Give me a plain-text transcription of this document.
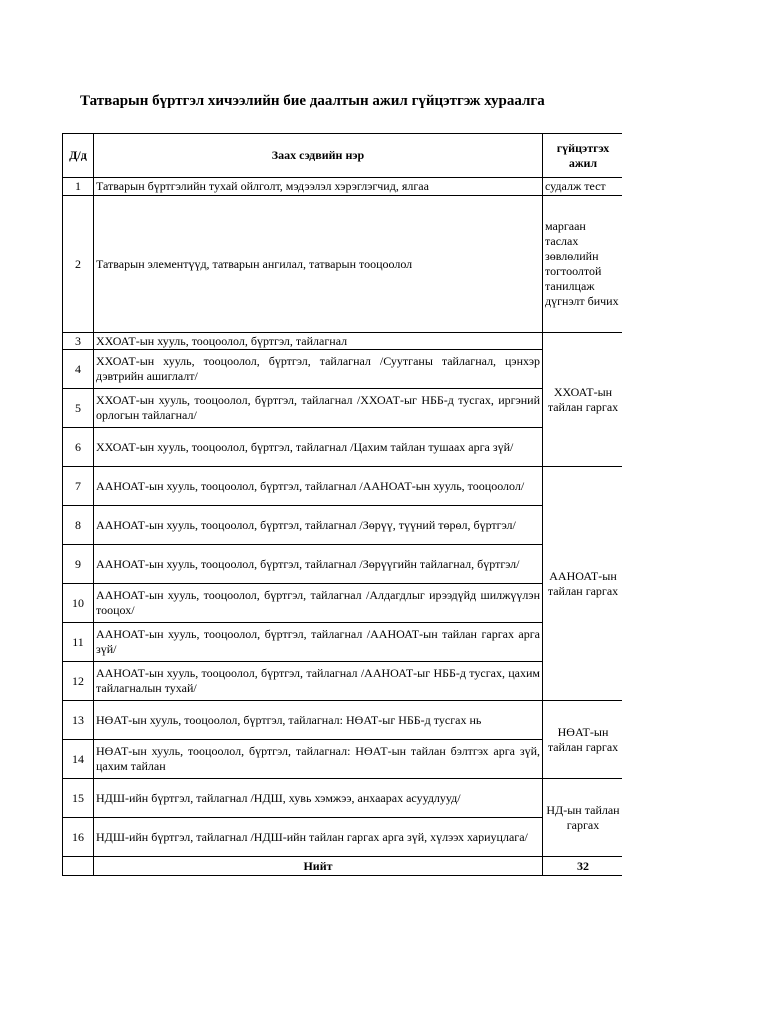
Татварын бүртгэл хичээлийн бие даалтын ажил гүйцэтгэж хураалга
Д/д	Заах сэдвийн нэр	гүйцэтгэх ажил
1	Татварын бүртгэлийн тухай ойлголт, мэдээлэл хэрэглэгчид, ялгаа	судалж тест
2	Татварын элементүүд, татварын ангилал, татварын тооцоолол	маргаан таслах зөвлөлийн тогтоолтой танилцаж дүгнэлт бичих
3	ХХОАТ-ын хууль, тооцоолол, бүртгэл, тайлагнал	ХХОАТ-ын тайлан гаргах
4	ХХОАТ-ын хууль, тооцоолол, бүртгэл, тайлагнал /Суутганы тайлагнал, цэнхэр дэвтрийн ашиглалт/	
5	ХХОАТ-ын хууль, тооцоолол, бүртгэл, тайлагнал /ХХОАТ-ыг НББ-д тусгах, иргэний орлогын тайлагнал/	
6	ХХОАТ-ын хууль, тооцоолол, бүртгэл, тайлагнал /Цахим тайлан тушаах арга зүй/	
7	ААНОАТ-ын хууль, тооцоолол, бүртгэл, тайлагнал /ААНОАТ-ын хууль, тооцоолол/	ААНОАТ-ын тайлан гаргах
8	ААНОАТ-ын хууль, тооцоолол, бүртгэл, тайлагнал /Зөрүү, түүний төрөл, бүртгэл/	
9	ААНОАТ-ын хууль, тооцоолол, бүртгэл, тайлагнал /Зөрүүгийн тайлагнал, бүртгэл/	
10	ААНОАТ-ын хууль, тооцоолол, бүртгэл, тайлагнал /Алдагдлыг ирээдүйд шилжүүлэн тооцох/	
11	ААНОАТ-ын хууль, тооцоолол, бүртгэл, тайлагнал /ААНОАТ-ын тайлан гаргах арга зүй/	
12	ААНОАТ-ын хууль, тооцоолол, бүртгэл, тайлагнал /ААНОАТ-ыг НББ-д тусгах, цахим тайлагналын тухай/	
13	НӨАТ-ын хууль, тооцоолол, бүртгэл, тайлагнал: НӨАТ-ыг НББ-д тусгах нь	НӨАТ-ын тайлан гаргах
14	НӨАТ-ын хууль, тооцоолол, бүртгэл, тайлагнал: НӨАТ-ын тайлан бэлтгэх арга зүй, цахим тайлан	
15	НДШ-ийн бүртгэл, тайлагнал /НДШ, хувь хэмжээ, анхаарах асуудлууд/	НД-ын тайлан гаргах
16	НДШ-ийн бүртгэл, тайлагнал /НДШ-ийн тайлан гаргах арга зүй, хүлээх хариуцлага/	
	Нийт	32
